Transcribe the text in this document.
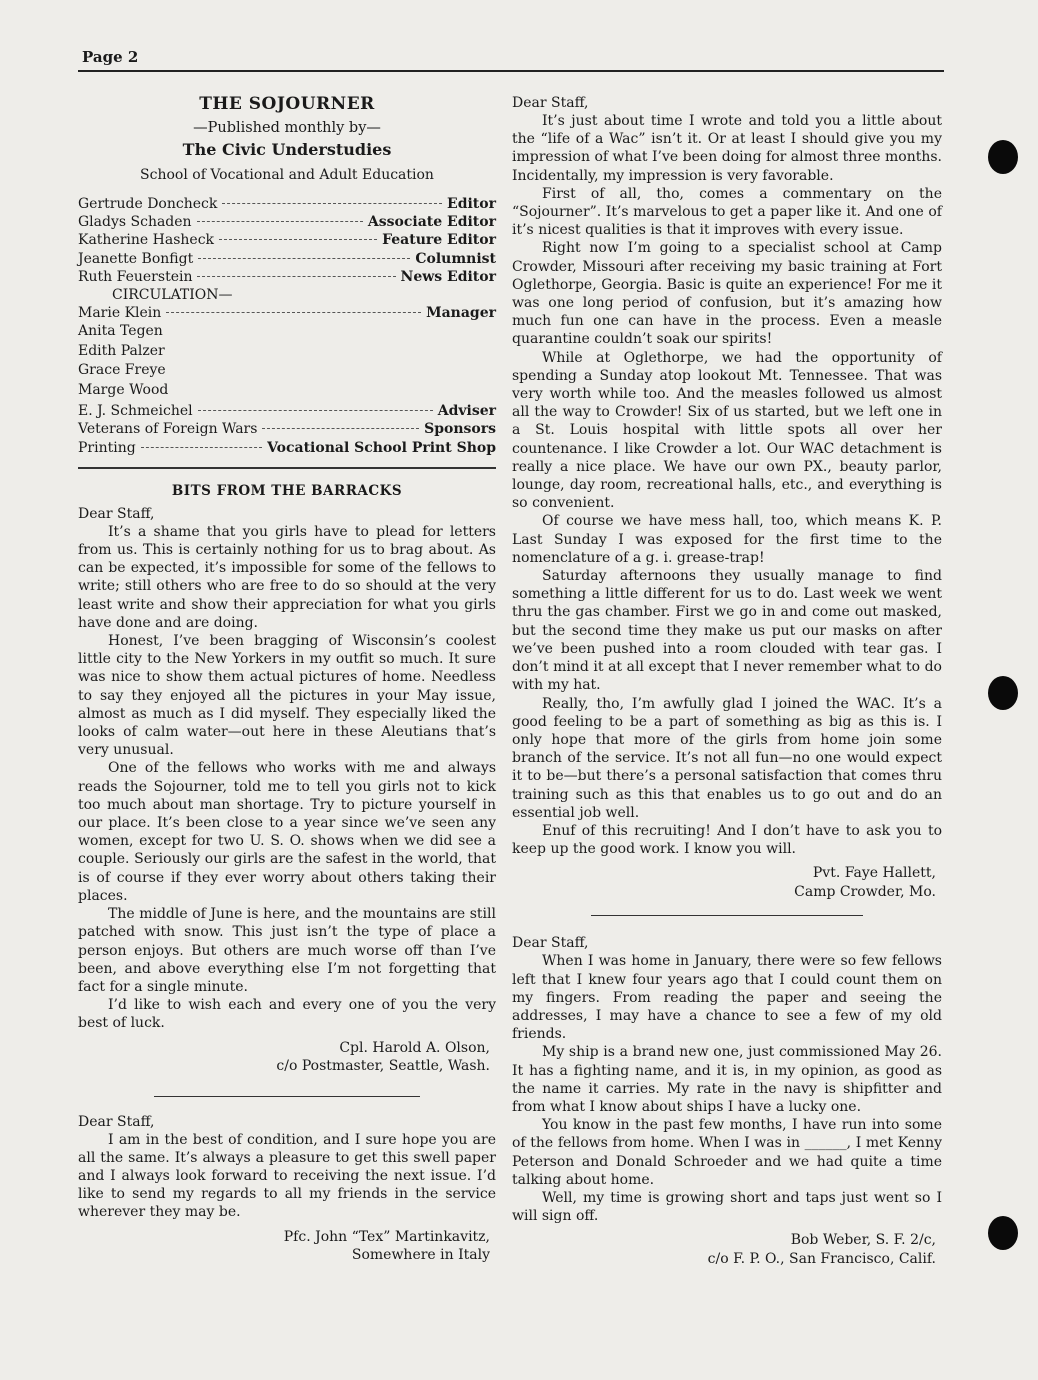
Page 2
THE SOJOURNER
—Published monthly by—
The Civic Understudies
School of Vocational and Adult Education
Gertrude Doncheck	Editor
Gladys Schaden	Associate Editor
Katherine Hasheck	Feature Editor
Jeanette Bonfigt	Columnist
Ruth Feuerstein	News Editor
CIRCULATION—
Marie Klein	Manager
Anita Tegen
Edith Palzer
Grace Freye
Marge Wood
E. J. Schmeichel	Adviser
Veterans of Foreign Wars	Sponsors
Printing	Vocational School Print Shop
BITS FROM THE BARRACKS
Dear Staff,

It’s a shame that you girls have to plead for letters from us. This is certainly nothing for us to brag about. As can be expected, it’s impossible for some of the fellows to write; still others who are free to do so should at the very least write and show their appreciation for what you girls have done and are doing.

Honest, I’ve been bragging of Wisconsin’s coolest little city to the New Yorkers in my outfit so much. It sure was nice to show them actual pictures of home. Needless to say they enjoyed all the pictures in your May issue, almost as much as I did myself. They especially liked the looks of calm water—out here in these Aleutians that’s very unusual.

One of the fellows who works with me and always reads the Sojourner, told me to tell you girls not to kick too much about man shortage. Try to picture yourself in our place. It’s been close to a year since we’ve seen any women, except for two U. S. O. shows when we did see a couple. Seriously our girls are the safest in the world, that is of course if they ever worry about others taking their places.

The middle of June is here, and the mountains are still patched with snow. This just isn’t the type of place a person enjoys. But others are much worse off than I’ve been, and above everything else I’m not forgetting that fact for a single minute.

I’d like to wish each and every one of you the very best of luck.

Cpl. Harold A. Olson,
c/o Postmaster, Seattle, Wash.
Dear Staff,

I am in the best of condition, and I sure hope you are all the same. It’s always a pleasure to get this swell paper and I always look forward to receiving the next issue. I’d like to send my regards to all my friends in the service wherever they may be.

Pfc. John “Tex” Martinkavitz,
Somewhere in Italy
Dear Staff,

It’s just about time I wrote and told you a little about the “life of a Wac” isn’t it. Or at least I should give you my impression of what I’ve been doing for almost three months. Incidentally, my impression is very favorable.

First of all, tho, comes a commentary on the “Sojourner”. It’s marvelous to get a paper like it. And one of it’s nicest qualities is that it improves with every issue.

Right now I’m going to a specialist school at Camp Crowder, Missouri after receiving my basic training at Fort Oglethorpe, Georgia. Basic is quite an experience! For me it was one long period of confusion, but it’s amazing how much fun one can have in the process. Even a measle quarantine couldn’t soak our spirits!

While at Oglethorpe, we had the opportunity of spending a Sunday atop lookout Mt. Tennessee. That was very worth while too. And the measles followed us almost all the way to Crowder! Six of us started, but we left one in a St. Louis hospital with little spots all over her countenance. I like Crowder a lot. Our WAC detachment is really a nice place. We have our own PX., beauty parlor, lounge, day room, recreational halls, etc., and everything is so convenient.

Of course we have mess hall, too, which means K. P. Last Sunday I was exposed for the first time to the nomenclature of a g. i. grease-trap!

Saturday afternoons they usually manage to find something a little different for us to do. Last week we went thru the gas chamber. First we go in and come out masked, but the second time they make us put our masks on after we’ve been pushed into a room clouded with tear gas. I don’t mind it at all except that I never remember what to do with my hat.

Really, tho, I’m awfully glad I joined the WAC. It’s a good feeling to be a part of something as big as this is. I only hope that more of the girls from home join some branch of the service. It’s not all fun—no one would expect it to be—but there’s a personal satisfaction that comes thru training such as this that enables us to go out and do an essential job well.

Enuf of this recruiting! And I don’t have to ask you to keep up the good work. I know you will.

Pvt. Faye Hallett,
Camp Crowder, Mo.
Dear Staff,

When I was home in January, there were so few fellows left that I knew four years ago that I could count them on my fingers. From reading the paper and seeing the addresses, I may have a chance to see a few of my old friends.

My ship is a brand new one, just commissioned May 26. It has a fighting name, and it is, in my opinion, as good as the name it carries. My rate in the navy is shipfitter and from what I know about ships I have a lucky one.

You know in the past few months, I have run into some of the fellows from home. When I was in ______, I met Kenny Peterson and Donald Schroeder and we had quite a time talking about home.

Well, my time is growing short and taps just went so I will sign off.

Bob Weber, S. F. 2/c,
c/o F. P. O., San Francisco, Calif.
